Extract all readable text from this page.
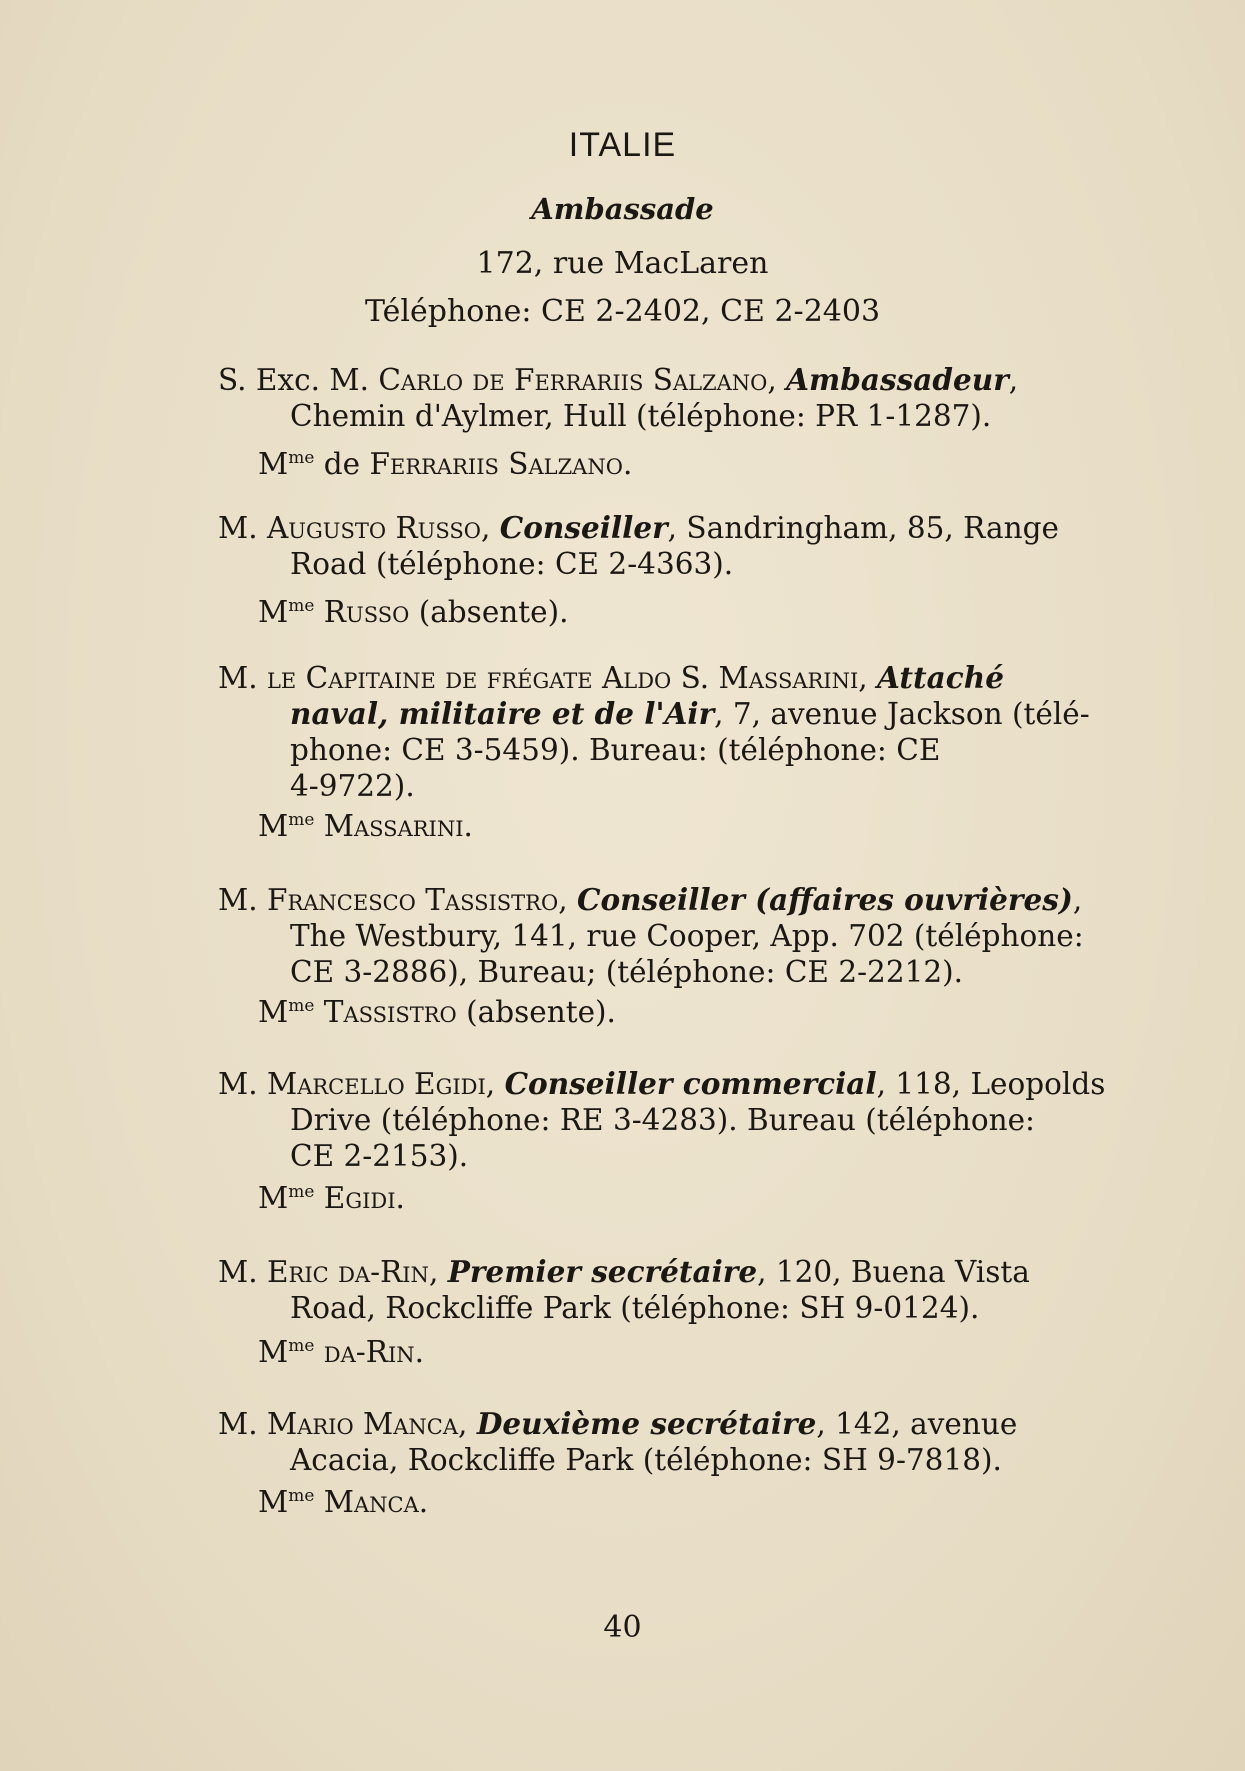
ITALIE
Ambassade
172, rue MacLaren
Téléphone: CE 2-2402, CE 2-2403
S. Exc. M. Carlo de Ferrariis Salzano, Ambassadeur,
Chemin d'Aylmer, Hull (téléphone: PR 1-1287).
$M^{me}$ de Ferrariis Salzano.
M. Augusto Russo, Conseiller, Sandringham, 85, Range
Road (téléphone: CE 2-4363).
$M^{me}$ Russo (absente).
M. le Capitaine de frégate Aldo S. Massarini, Attaché
naval, militaire et de l'Air, 7, avenue Jackson (télé-
phone: CE 3-5459). Bureau: (téléphone: CE
4-9722).
$M^{me}$ Massarini.
M. Francesco Tassistro, Conseiller (affaires ouvrières),
The Westbury, 141, rue Cooper, App. 702 (téléphone:
CE 3-2886), Bureau; (téléphone: CE 2-2212).
$M^{me}$ Tassistro (absente).
M. Marcello Egidi, Conseiller commercial, 118, Leopolds
Drive (téléphone: RE 3-4283). Bureau (téléphone:
CE 2-2153).
$M^{me}$ Egidi.
M. Eric da-Rin, Premier secrétaire, 120, Buena Vista
Road, Rockcliffe Park (téléphone: SH 9-0124).
$M^{me}$ da-Rin.
M. Mario Manca, Deuxième secrétaire, 142, avenue
Acacia, Rockcliffe Park (téléphone: SH 9-7818).
$M^{me}$ Manca.
40
